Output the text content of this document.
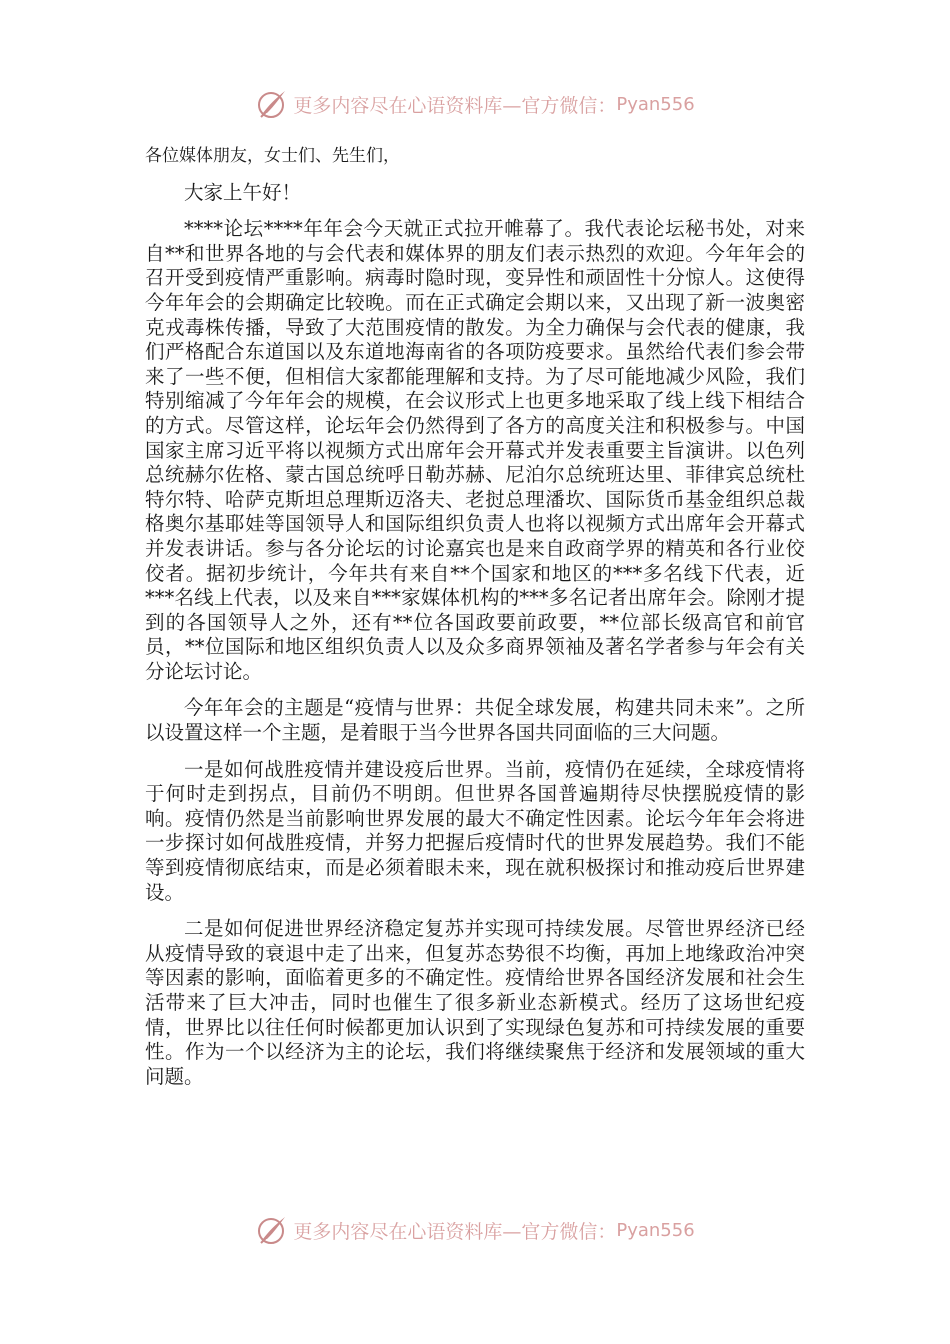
更多内容尽在心语资料库—官方微信： Pyan556

各位媒体朋友，女士们、先生们，

大家上午好！

****论坛****年年会今天就正式拉开帷幕了。我代表论坛秘书处，对来自**和世界各地的与会代表和媒体界的朋友们表示热烈的欢迎。今年年会的召开受到疫情严重影响。病毒时隐时现，变异性和顽固性十分惊人。这使得今年年会的会期确定比较晚。而在正式确定会期以来，又出现了新一波奥密克戎毒株传播，导致了大范围疫情的散发。为全力确保与会代表的健康，我们严格配合东道国以及东道地海南省的各项防疫要求。虽然给代表们参会带来了一些不便，但相信大家都能理解和支持。为了尽可能地减少风险，我们特别缩减了今年年会的规模，在会议形式上也更多地采取了线上线下相结合的方式。尽管这样，论坛年会仍然得到了各方的高度关注和积极参与。中国国家主席习近平将以视频方式出席年会开幕式并发表重要主旨演讲。以色列总统赫尔佐格、蒙古国总统呼日勒苏赫、尼泊尔总统班达里、菲律宾总统杜特尔特、哈萨克斯坦总理斯迈洛夫、老挝总理潘坎、国际货币基金组织总裁格奥尔基耶娃等国领导人和国际组织负责人也将以视频方式出席年会开幕式并发表讲话。参与各分论坛的讨论嘉宾也是来自政商学界的精英和各行业佼佼者。据初步统计，今年共有来自**个国家和地区的***多名线下代表，近***名线上代表，以及来自***家媒体机构的***多名记者出席年会。除刚才提到的各国领导人之外，还有**位各国政要前政要，**位部长级高官和前官员，**位国际和地区组织负责人以及众多商界领袖及著名学者参与年会有关分论坛讨论。

今年年会的主题是“疫情与世界：共促全球发展，构建共同未来”。之所以设置这样一个主题，是着眼于当今世界各国共同面临的三大问题。

一是如何战胜疫情并建设疫后世界。当前，疫情仍在延续，全球疫情将于何时走到拐点，目前仍不明朗。但世界各国普遍期待尽快摆脱疫情的影响。疫情仍然是当前影响世界发展的最大不确定性因素。论坛今年年会将进一步探讨如何战胜疫情，并努力把握后疫情时代的世界发展趋势。我们不能等到疫情彻底结束，而是必须着眼未来，现在就积极探讨和推动疫后世界建设。

二是如何促进世界经济稳定复苏并实现可持续发展。尽管世界经济已经从疫情导致的衰退中走了出来，但复苏态势很不均衡，再加上地缘政治冲突等因素的影响，面临着更多的不确定性。疫情给世界各国经济发展和社会生活带来了巨大冲击，同时也催生了很多新业态新模式。经历了这场世纪疫情，世界比以往任何时候都更加认识到了实现绿色复苏和可持续发展的重要性。作为一个以经济为主的论坛，我们将继续聚焦于经济和发展领域的重大问题。

更多内容尽在心语资料库—官方微信： Pyan556
